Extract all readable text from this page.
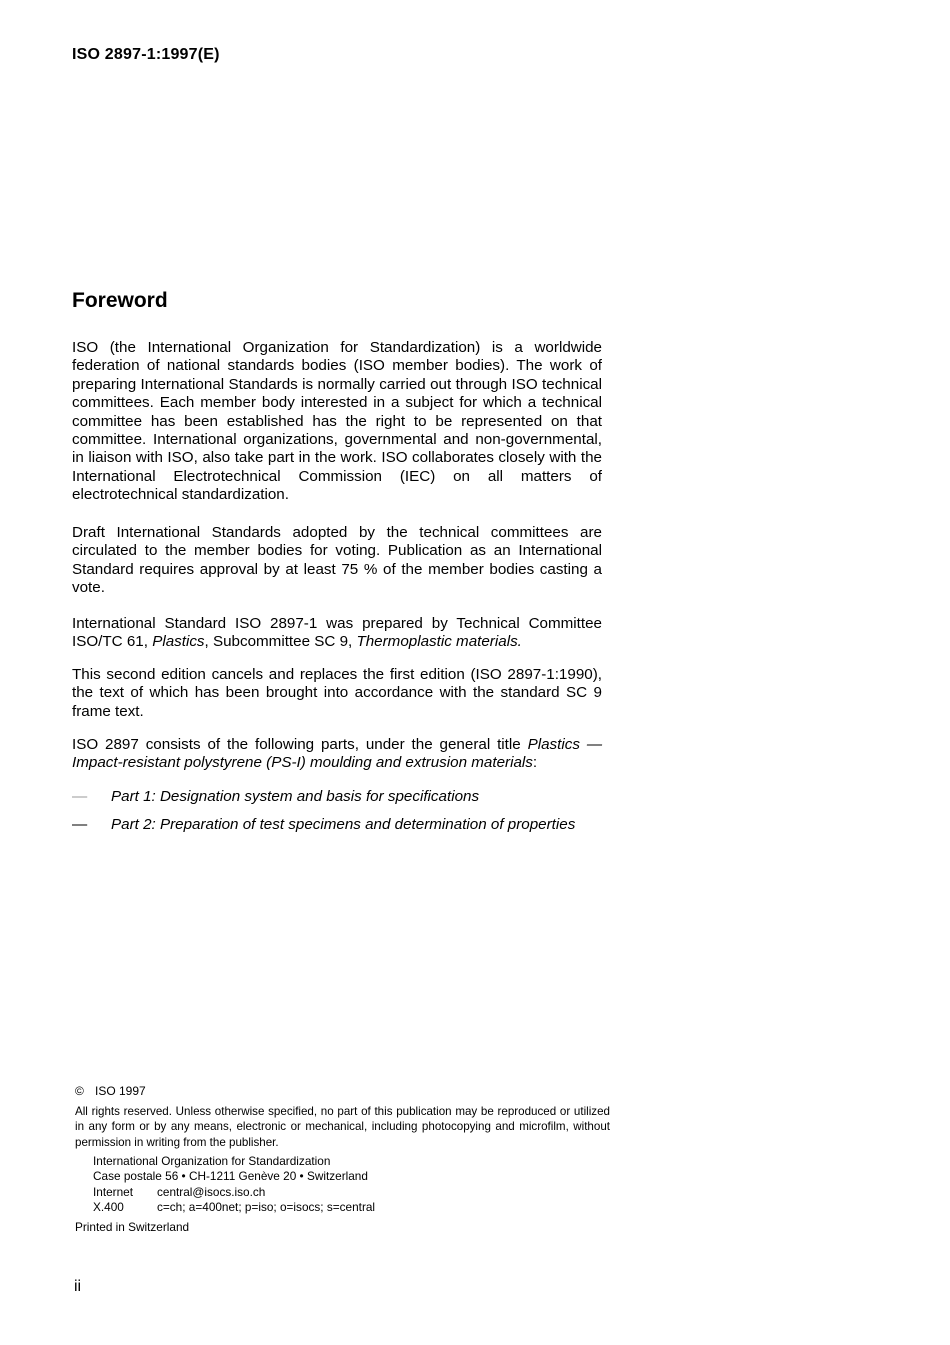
ISO 2897-1:1997(E)
Foreword

ISO (the International Organization for Standardization) is a worldwide federation of national standards bodies (ISO member bodies). The work of preparing International Standards is normally carried out through ISO technical committees. Each member body interested in a subject for which a technical committee has been established has the right to be represented on that committee. International organizations, governmental and non-governmental, in liaison with ISO, also take part in the work. ISO collaborates closely with the International Electrotechnical Commission (IEC) on all matters of electrotechnical standardization.

Draft International Standards adopted by the technical committees are circulated to the member bodies for voting. Publication as an International Standard requires approval by at least 75 % of the member bodies casting a vote.

International Standard ISO 2897-1 was prepared by Technical Committee ISO/TC 61, Plastics, Subcommittee SC 9, Thermoplastic materials.

This second edition cancels and replaces the first edition (ISO 2897-1:1990), the text of which has been brought into accordance with the standard SC 9 frame text.

ISO 2897 consists of the following parts, under the general title Plastics — Impact-resistant polystyrene (PS-I) moulding and extrusion materials:

— Part 1: Designation system and basis for specifications
— Part 2: Preparation of test specimens and determination of properties
© ISO 1997
All rights reserved. Unless otherwise specified, no part of this publication may be reproduced or utilized in any form or by any means, electronic or mechanical, including photocopying and microfilm, without permission in writing from the publisher.
International Organization for Standardization
Case postale 56 • CH-1211 Genève 20 • Switzerland
Internet central@isocs.iso.ch
X.400	c=ch; a=400net; p=iso; o=isocs; s=central
Printed in Switzerland
ii
